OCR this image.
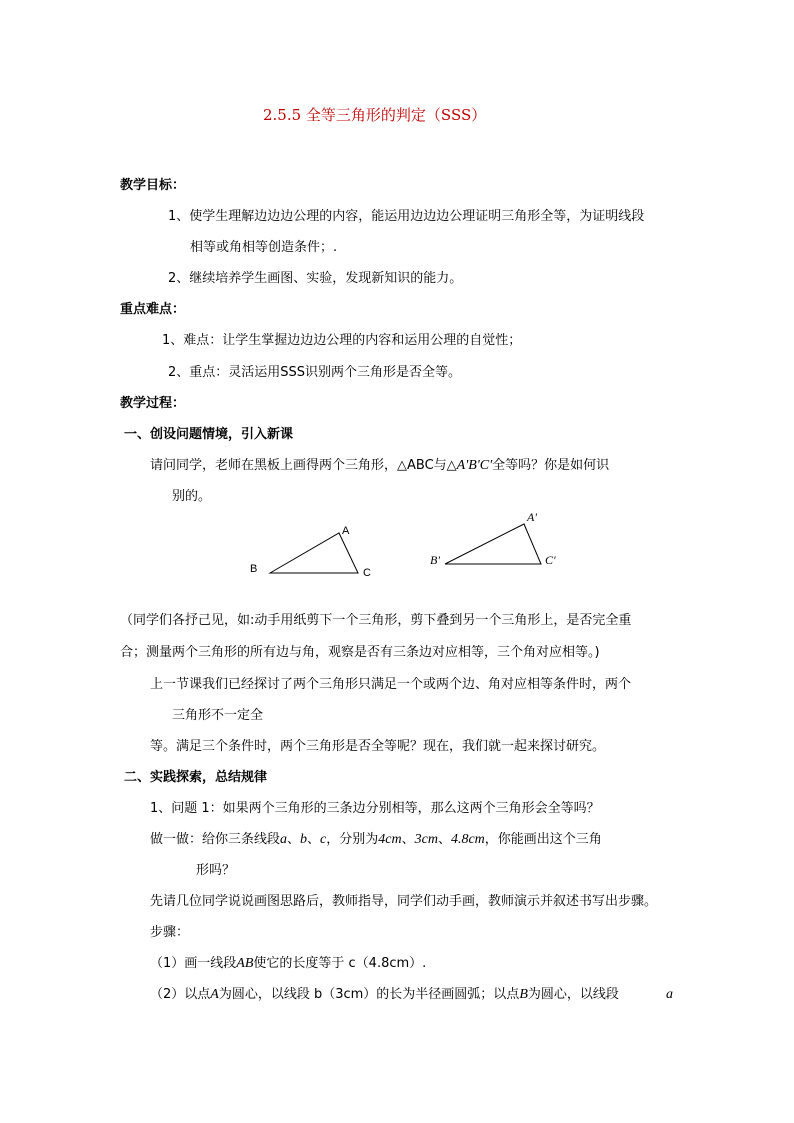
2.5.5 全等三角形的判定（SSS）
教学目标：
1、使学生理解边边边公理的内容，能运用边边边公理证明三角形全等，为证明线段
相等或角相等创造条件；.
2、继续培养学生画图、实验，发现新知识的能力。
重点难点：
1、难点：让学生掌握边边边公理的内容和运用公理的自觉性；
2、重点：灵活运用SSS识别两个三角形是否全等。
教学过程：
一、创设问题情境，引入新课
请问同学，老师在黑板上画得两个三角形，△ABC与△A'B'C'全等吗？你是如何识
别的。
A
B	C
A'
B'	C'
（同学们各抒己见，如:动手用纸剪下一个三角形，剪下叠到另一个三角形上，是否完全重
合；测量两个三角形的所有边与角，观察是否有三条边对应相等，三个角对应相等。)
上一节课我们已经探讨了两个三角形只满足一个或两个边、角对应相等条件时，两个
三角形不一定全
等。满足三个条件时，两个三角形是否全等呢？现在，我们就一起来探讨研究。
二、实践探索，总结规律
1、问题 1：如果两个三角形的三条边分别相等，那么这两个三角形会全等吗？
做一做：给你三条线段a、b、c，分别为4cm、3cm、4.8cm，你能画出这个三角
形吗？
先请几位同学说说画图思路后，教师指导，同学们动手画，教师演示并叙述书写出步骤。
步骤：
（1）画一线段AB使它的长度等于 c（4.8cm）.
（2）以点A为圆心，以线段 b（3cm）的长为半径画圆弧；以点B为圆心，以线段	a
